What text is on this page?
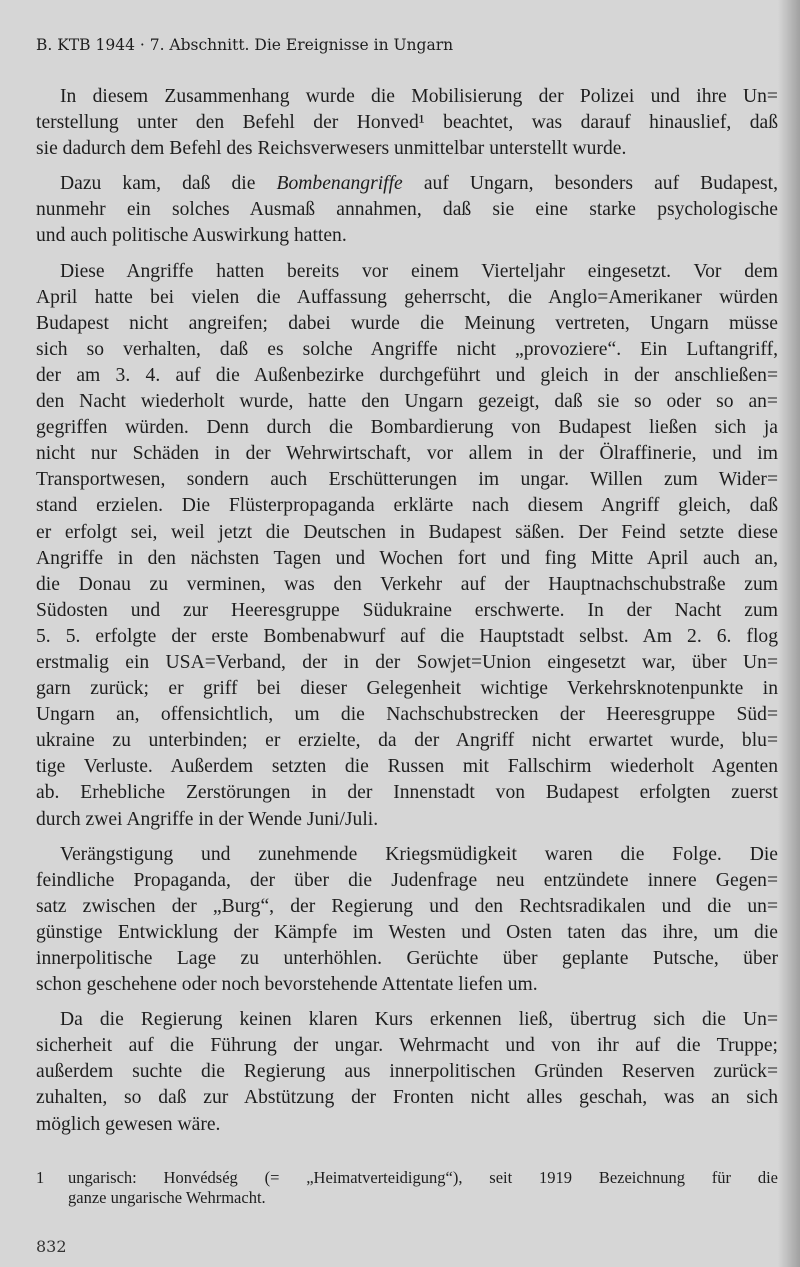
B. KTB 1944 · 7. Abschnitt. Die Ereignisse in Ungarn
In diesem Zusammenhang wurde die Mobilisierung der Polizei und ihre Un=
terstellung unter den Befehl der Honved¹ beachtet, was darauf hinauslief, daß
sie dadurch dem Befehl des Reichsverwesers unmittelbar unterstellt wurde.
Dazu kam, daß die Bombenangriffe auf Ungarn, besonders auf Budapest,
nunmehr ein solches Ausmaß annahmen, daß sie eine starke psychologische
und auch politische Auswirkung hatten.
Diese Angriffe hatten bereits vor einem Vierteljahr eingesetzt. Vor dem
April hatte bei vielen die Auffassung geherrscht, die Anglo=Amerikaner würden
Budapest nicht angreifen; dabei wurde die Meinung vertreten, Ungarn müsse
sich so verhalten, daß es solche Angriffe nicht „provoziere“. Ein Luftangriff,
der am 3. 4. auf die Außenbezirke durchgeführt und gleich in der anschließen=
den Nacht wiederholt wurde, hatte den Ungarn gezeigt, daß sie so oder so an=
gegriffen würden. Denn durch die Bombardierung von Budapest ließen sich ja
nicht nur Schäden in der Wehrwirtschaft, vor allem in der Ölraffinerie, und im
Transportwesen, sondern auch Erschütterungen im ungar. Willen zum Wider=
stand erzielen. Die Flüsterpropaganda erklärte nach diesem Angriff gleich, daß
er erfolgt sei, weil jetzt die Deutschen in Budapest säßen. Der Feind setzte diese
Angriffe in den nächsten Tagen und Wochen fort und fing Mitte April auch an,
die Donau zu verminen, was den Verkehr auf der Hauptnachschubstraße zum
Südosten und zur Heeresgruppe Südukraine erschwerte. In der Nacht zum
5. 5. erfolgte der erste Bombenabwurf auf die Hauptstadt selbst. Am 2. 6. flog
erstmalig ein USA=Verband, der in der Sowjet=Union eingesetzt war, über Un=
garn zurück; er griff bei dieser Gelegenheit wichtige Verkehrsknotenpunkte in
Ungarn an, offensichtlich, um die Nachschubstrecken der Heeresgruppe Süd=
ukraine zu unterbinden; er erzielte, da der Angriff nicht erwartet wurde, blu=
tige Verluste. Außerdem setzten die Russen mit Fallschirm wiederholt Agenten
ab. Erhebliche Zerstörungen in der Innenstadt von Budapest erfolgten zuerst
durch zwei Angriffe in der Wende Juni/Juli.
Verängstigung und zunehmende Kriegsmüdigkeit waren die Folge. Die
feindliche Propaganda, der über die Judenfrage neu entzündete innere Gegen=
satz zwischen der „Burg“, der Regierung und den Rechtsradikalen und die un=
günstige Entwicklung der Kämpfe im Westen und Osten taten das ihre, um die
innerpolitische Lage zu unterhöhlen. Gerüchte über geplante Putsche, über
schon geschehene oder noch bevorstehende Attentate liefen um.
Da die Regierung keinen klaren Kurs erkennen ließ, übertrug sich die Un=
sicherheit auf die Führung der ungar. Wehrmacht und von ihr auf die Truppe;
außerdem suchte die Regierung aus innerpolitischen Gründen Reserven zurück=
zuhalten, so daß zur Abstützung der Fronten nicht alles geschah, was an sich
möglich gewesen wäre.
1	ungarisch: Honvédség (= „Heimatverteidigung“), seit 1919 Bezeichnung für die
ganze ungarische Wehrmacht.
832
